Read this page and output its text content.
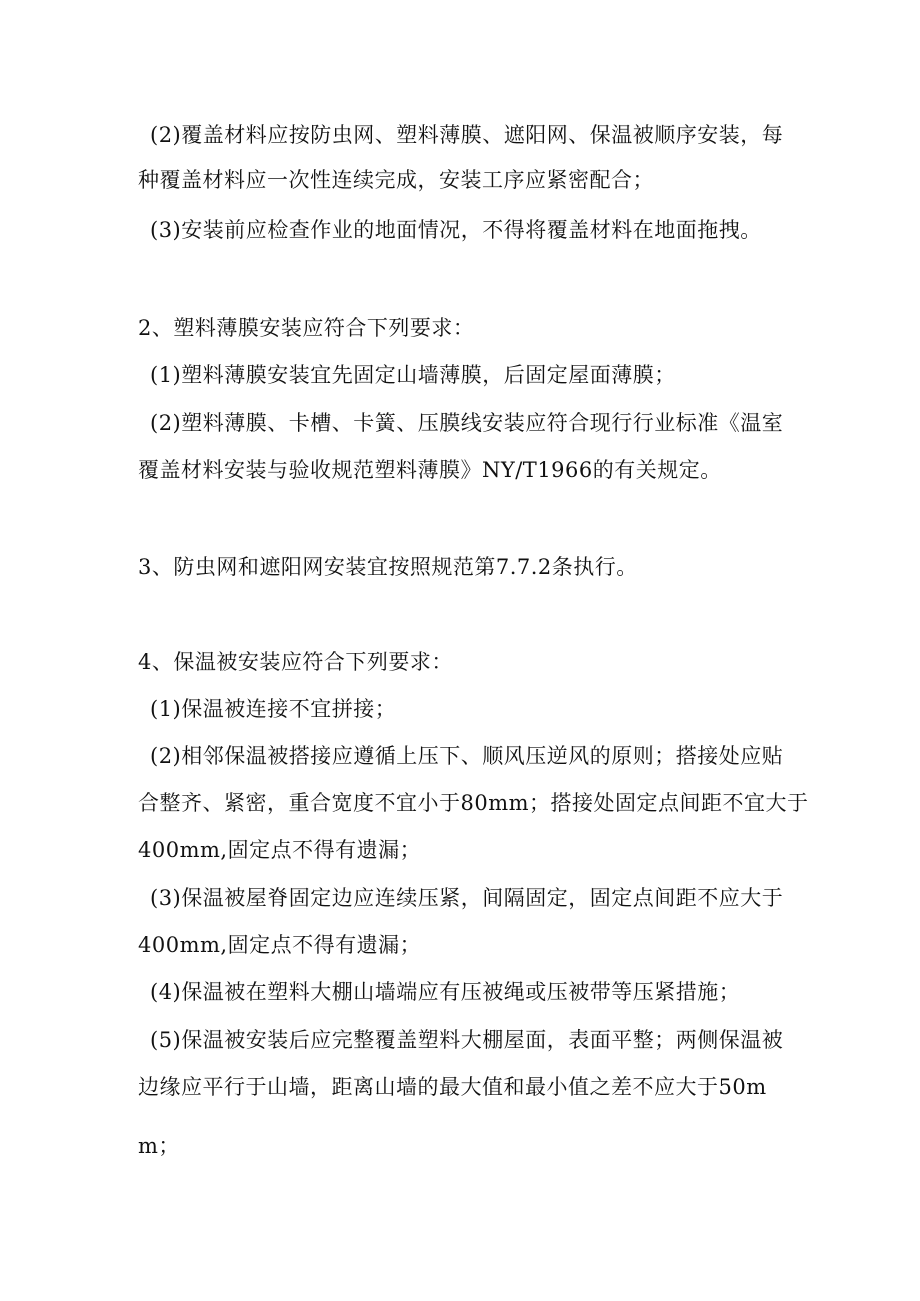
(2)覆盖材料应按防虫网、塑料薄膜、遮阳网、保温被顺序安装，每
种覆盖材料应一次性连续完成，安装工序应紧密配合；
(3)安装前应检查作业的地面情况，不得将覆盖材料在地面拖拽。
2、塑料薄膜安装应符合下列要求：
(1)塑料薄膜安装宜先固定山墙薄膜，后固定屋面薄膜；
(2)塑料薄膜、卡槽、卡簧、压膜线安装应符合现行行业标准《温室
覆盖材料安装与验收规范塑料薄膜》NY/T1966的有关规定。
3、防虫网和遮阳网安装宜按照规范第7.7.2条执行。
4、保温被安装应符合下列要求：
(1)保温被连接不宜拼接；
(2)相邻保温被搭接应遵循上压下、顺风压逆风的原则；搭接处应贴
合整齐、紧密，重合宽度不宜小于80mm；搭接处固定点间距不宜大于
400mm,固定点不得有遗漏；
(3)保温被屋脊固定边应连续压紧，间隔固定，固定点间距不应大于
400mm,固定点不得有遗漏；
(4)保温被在塑料大棚山墙端应有压被绳或压被带等压紧措施；
(5)保温被安装后应完整覆盖塑料大棚屋面，表面平整；两侧保温被
边缘应平行于山墙，距离山墙的最大值和最小值之差不应大于50m
m；
